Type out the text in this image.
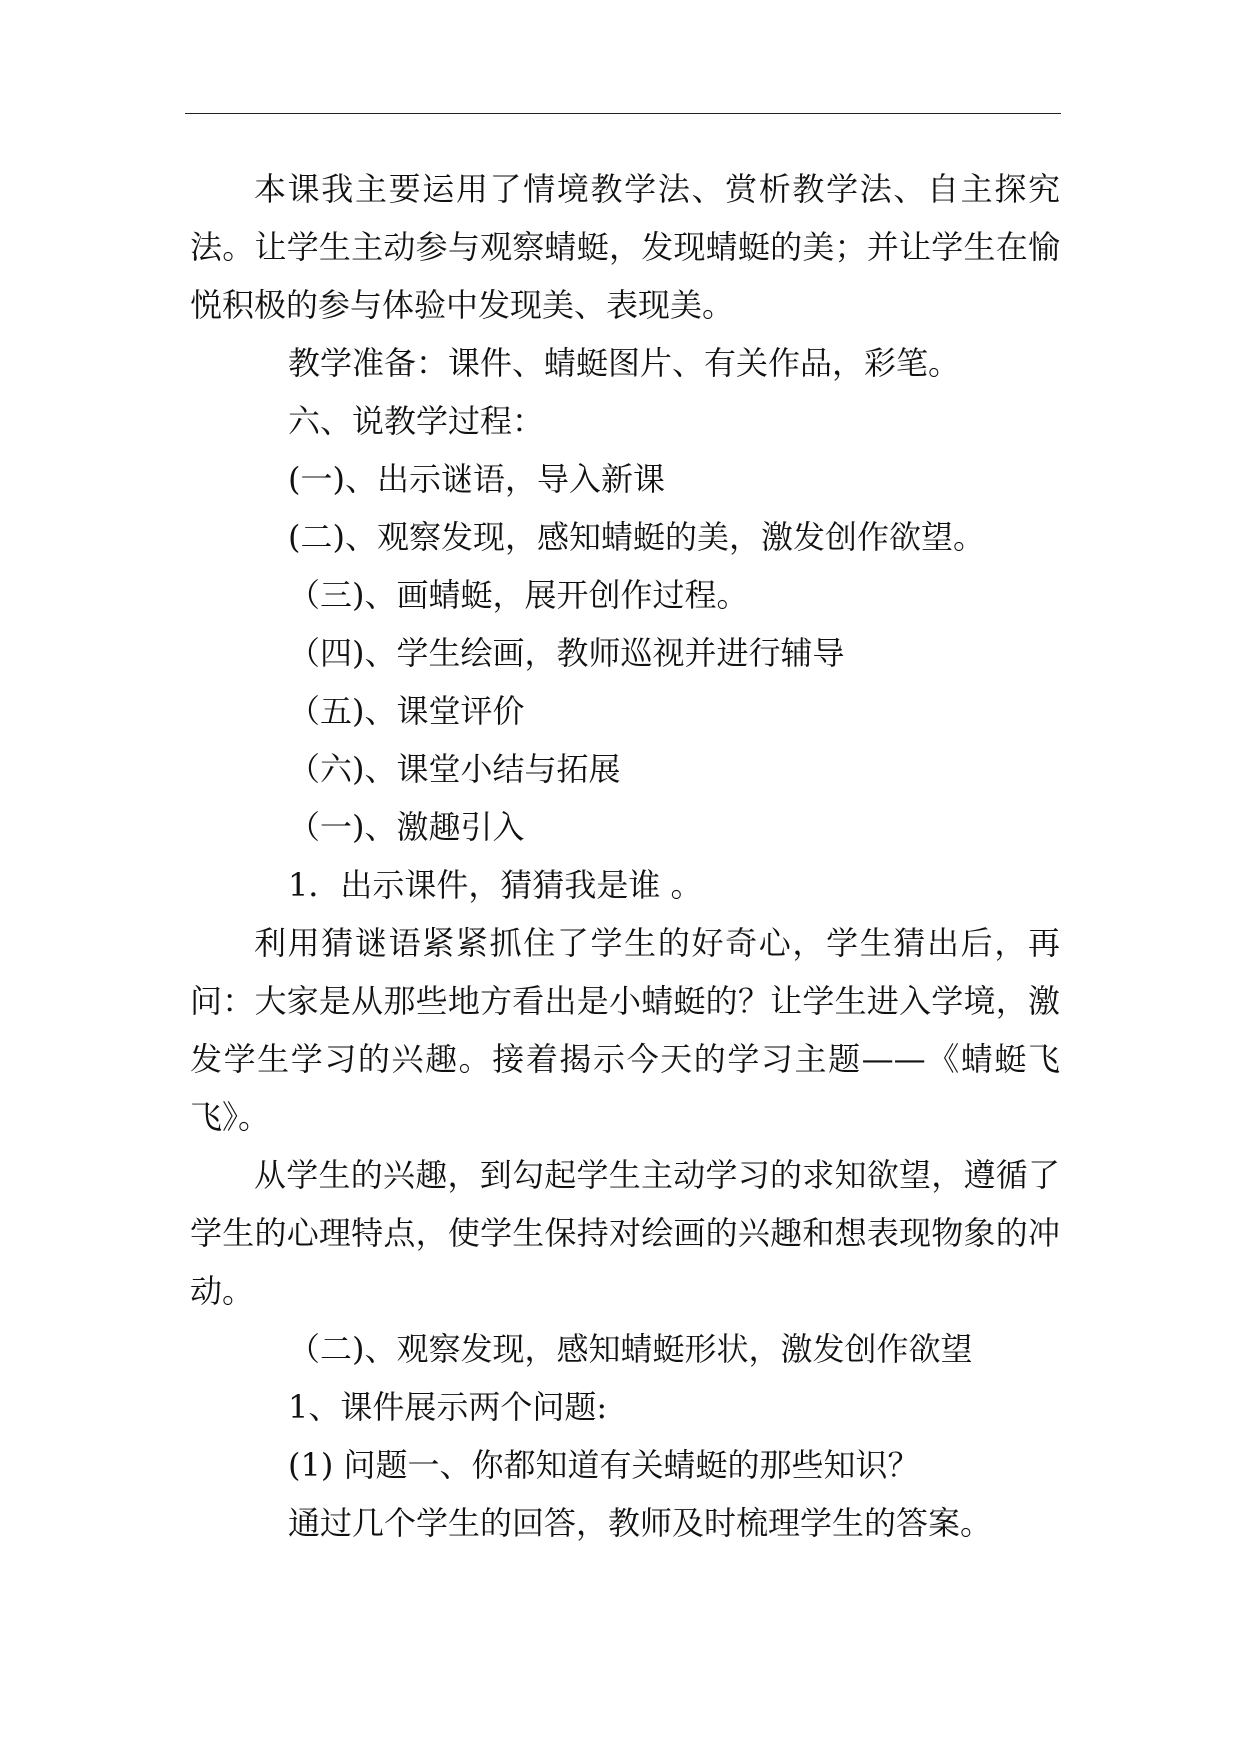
本课我主要运用了情境教学法、赏析教学法、自主探究法。让学生主动参与观察蜻蜓，发现蜻蜓的美；并让学生在愉悦积极的参与体验中发现美、表现美。

教学准备：课件、蜻蜓图片、有关作品，彩笔。

六、说教学过程：

(一)、出示谜语，导入新课

(二)、观察发现，感知蜻蜓的美，激发创作欲望。

（三)、画蜻蜓，展开创作过程。

（四)、学生绘画，教师巡视并进行辅导

（五)、课堂评价

（六)、课堂小结与拓展

（一)、激趣引入

1．出示课件，猜猜我是谁 。

利用猜谜语紧紧抓住了学生的好奇心，学生猜出后，再问：大家是从那些地方看出是小蜻蜓的？让学生进入学境，激发学生学习的兴趣。接着揭示今天的学习主题——《蜻蜓飞飞》。

从学生的兴趣，到勾起学生主动学习的求知欲望，遵循了学生的心理特点，使学生保持对绘画的兴趣和想表现物象的冲动。

（二)、观察发现，感知蜻蜓形状，激发创作欲望

1、课件展示两个问题:

(1) 问题一、你都知道有关蜻蜓的那些知识？

通过几个学生的回答，教师及时梳理学生的答案。
